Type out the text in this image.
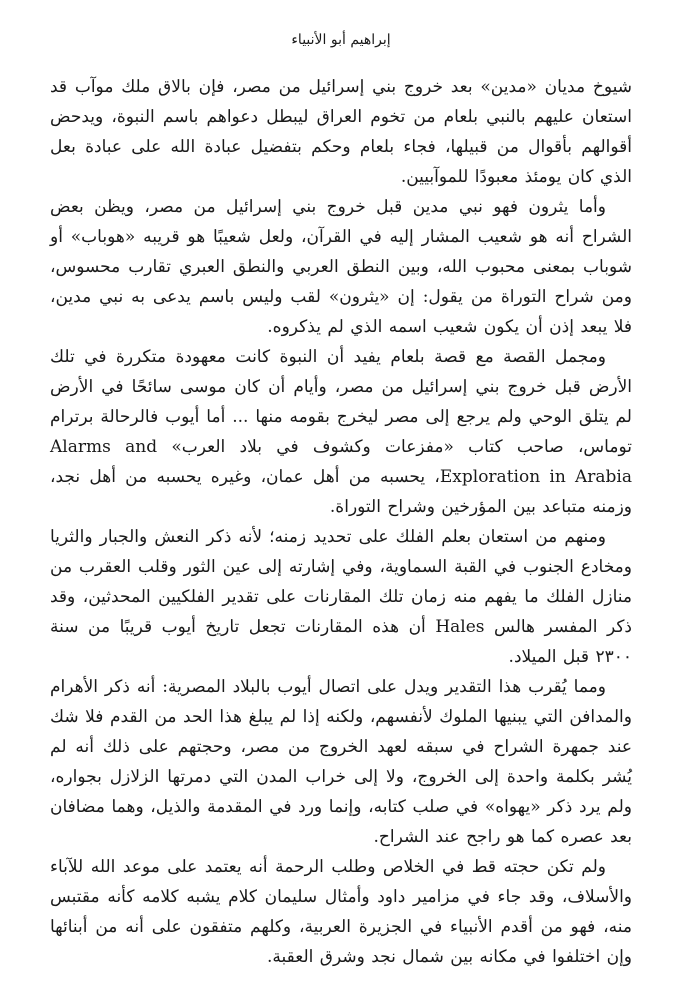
إبراهيم أبو الأنبياء

شيوخ مديان «مدين» بعد خروج بني إسرائيل من مصر، فإن بالاق ملك موآب قد استعان عليهم بالنبي بلعام من تخوم العراق ليبطل دعواهم باسم النبوة، ويدحض أقوالهم بأقوال من قبيلها، فجاء بلعام وحكم بتفضيل عبادة الله على عبادة بعل الذي كان يومئذ معبودًا للموآبيين.

وأما يثرون فهو نبي مدين قبل خروج بني إسرائيل من مصر، ويظن بعض الشراح أنه هو شعيب المشار إليه في القرآن، ولعل شعيبًا هو قريبه «هوباب» أو شوباب بمعنى محبوب الله، وبين النطق العربي والنطق العبري تقارب محسوس، ومن شراح التوراة من يقول: إن «يثرون» لقب وليس باسم يدعى به نبي مدين، فلا يبعد إذن أن يكون شعيب اسمه الذي لم يذكروه.

ومجمل القصة مع قصة بلعام يفيد أن النبوة كانت معهودة متكررة في تلك الأرض قبل خروج بني إسرائيل من مصر، وأيام أن كان موسى سائحًا في الأرض لم يتلق الوحي ولم يرجع إلى مصر ليخرج بقومه منها ... أما أيوب فالرحالة برترام توماس، صاحب كتاب «مفزعات وكشوف في بلاد العرب» Alarms and Exploration in Arabia، يحسبه من أهل عمان، وغيره يحسبه من أهل نجد، وزمنه متباعد بين المؤرخين وشراح التوراة.

ومنهم من استعان بعلم الفلك على تحديد زمنه؛ لأنه ذكر النعش والجبار والثريا ومخادع الجنوب في القبة السماوية، وفي إشارته إلى عين الثور وقلب العقرب من منازل الفلك ما يفهم منه زمان تلك المقارنات على تقدير الفلكيين المحدثين، وقد ذكر المفسر هالس Hales أن هذه المقارنات تجعل تاريخ أيوب قريبًا من سنة ٢٣٠٠ قبل الميلاد.

ومما يُقرب هذا التقدير ويدل على اتصال أيوب بالبلاد المصرية: أنه ذكر الأهرام والمدافن التي يبنيها الملوك لأنفسهم، ولكنه إذا لم يبلغ هذا الحد من القدم فلا شك عند جمهرة الشراح في سبقه لعهد الخروج من مصر، وحجتهم على ذلك أنه لم يُشر بكلمة واحدة إلى الخروج، ولا إلى خراب المدن التي دمرتها الزلازل بجواره، ولم يرد ذكر «يهواه» في صلب كتابه، وإنما ورد في المقدمة والذيل، وهما مضافان بعد عصره كما هو راجح عند الشراح.

ولم تكن حجته قط في الخلاص وطلب الرحمة أنه يعتمد على موعد الله للآباء والأسلاف، وقد جاء في مزامير داود وأمثال سليمان كلام يشبه كلامه كأنه مقتبس منه، فهو من أقدم الأنبياء في الجزيرة العربية، وكلهم متفقون على أنه من أبنائها وإن اختلفوا في مكانه بين شمال نجد وشرق العقبة.
